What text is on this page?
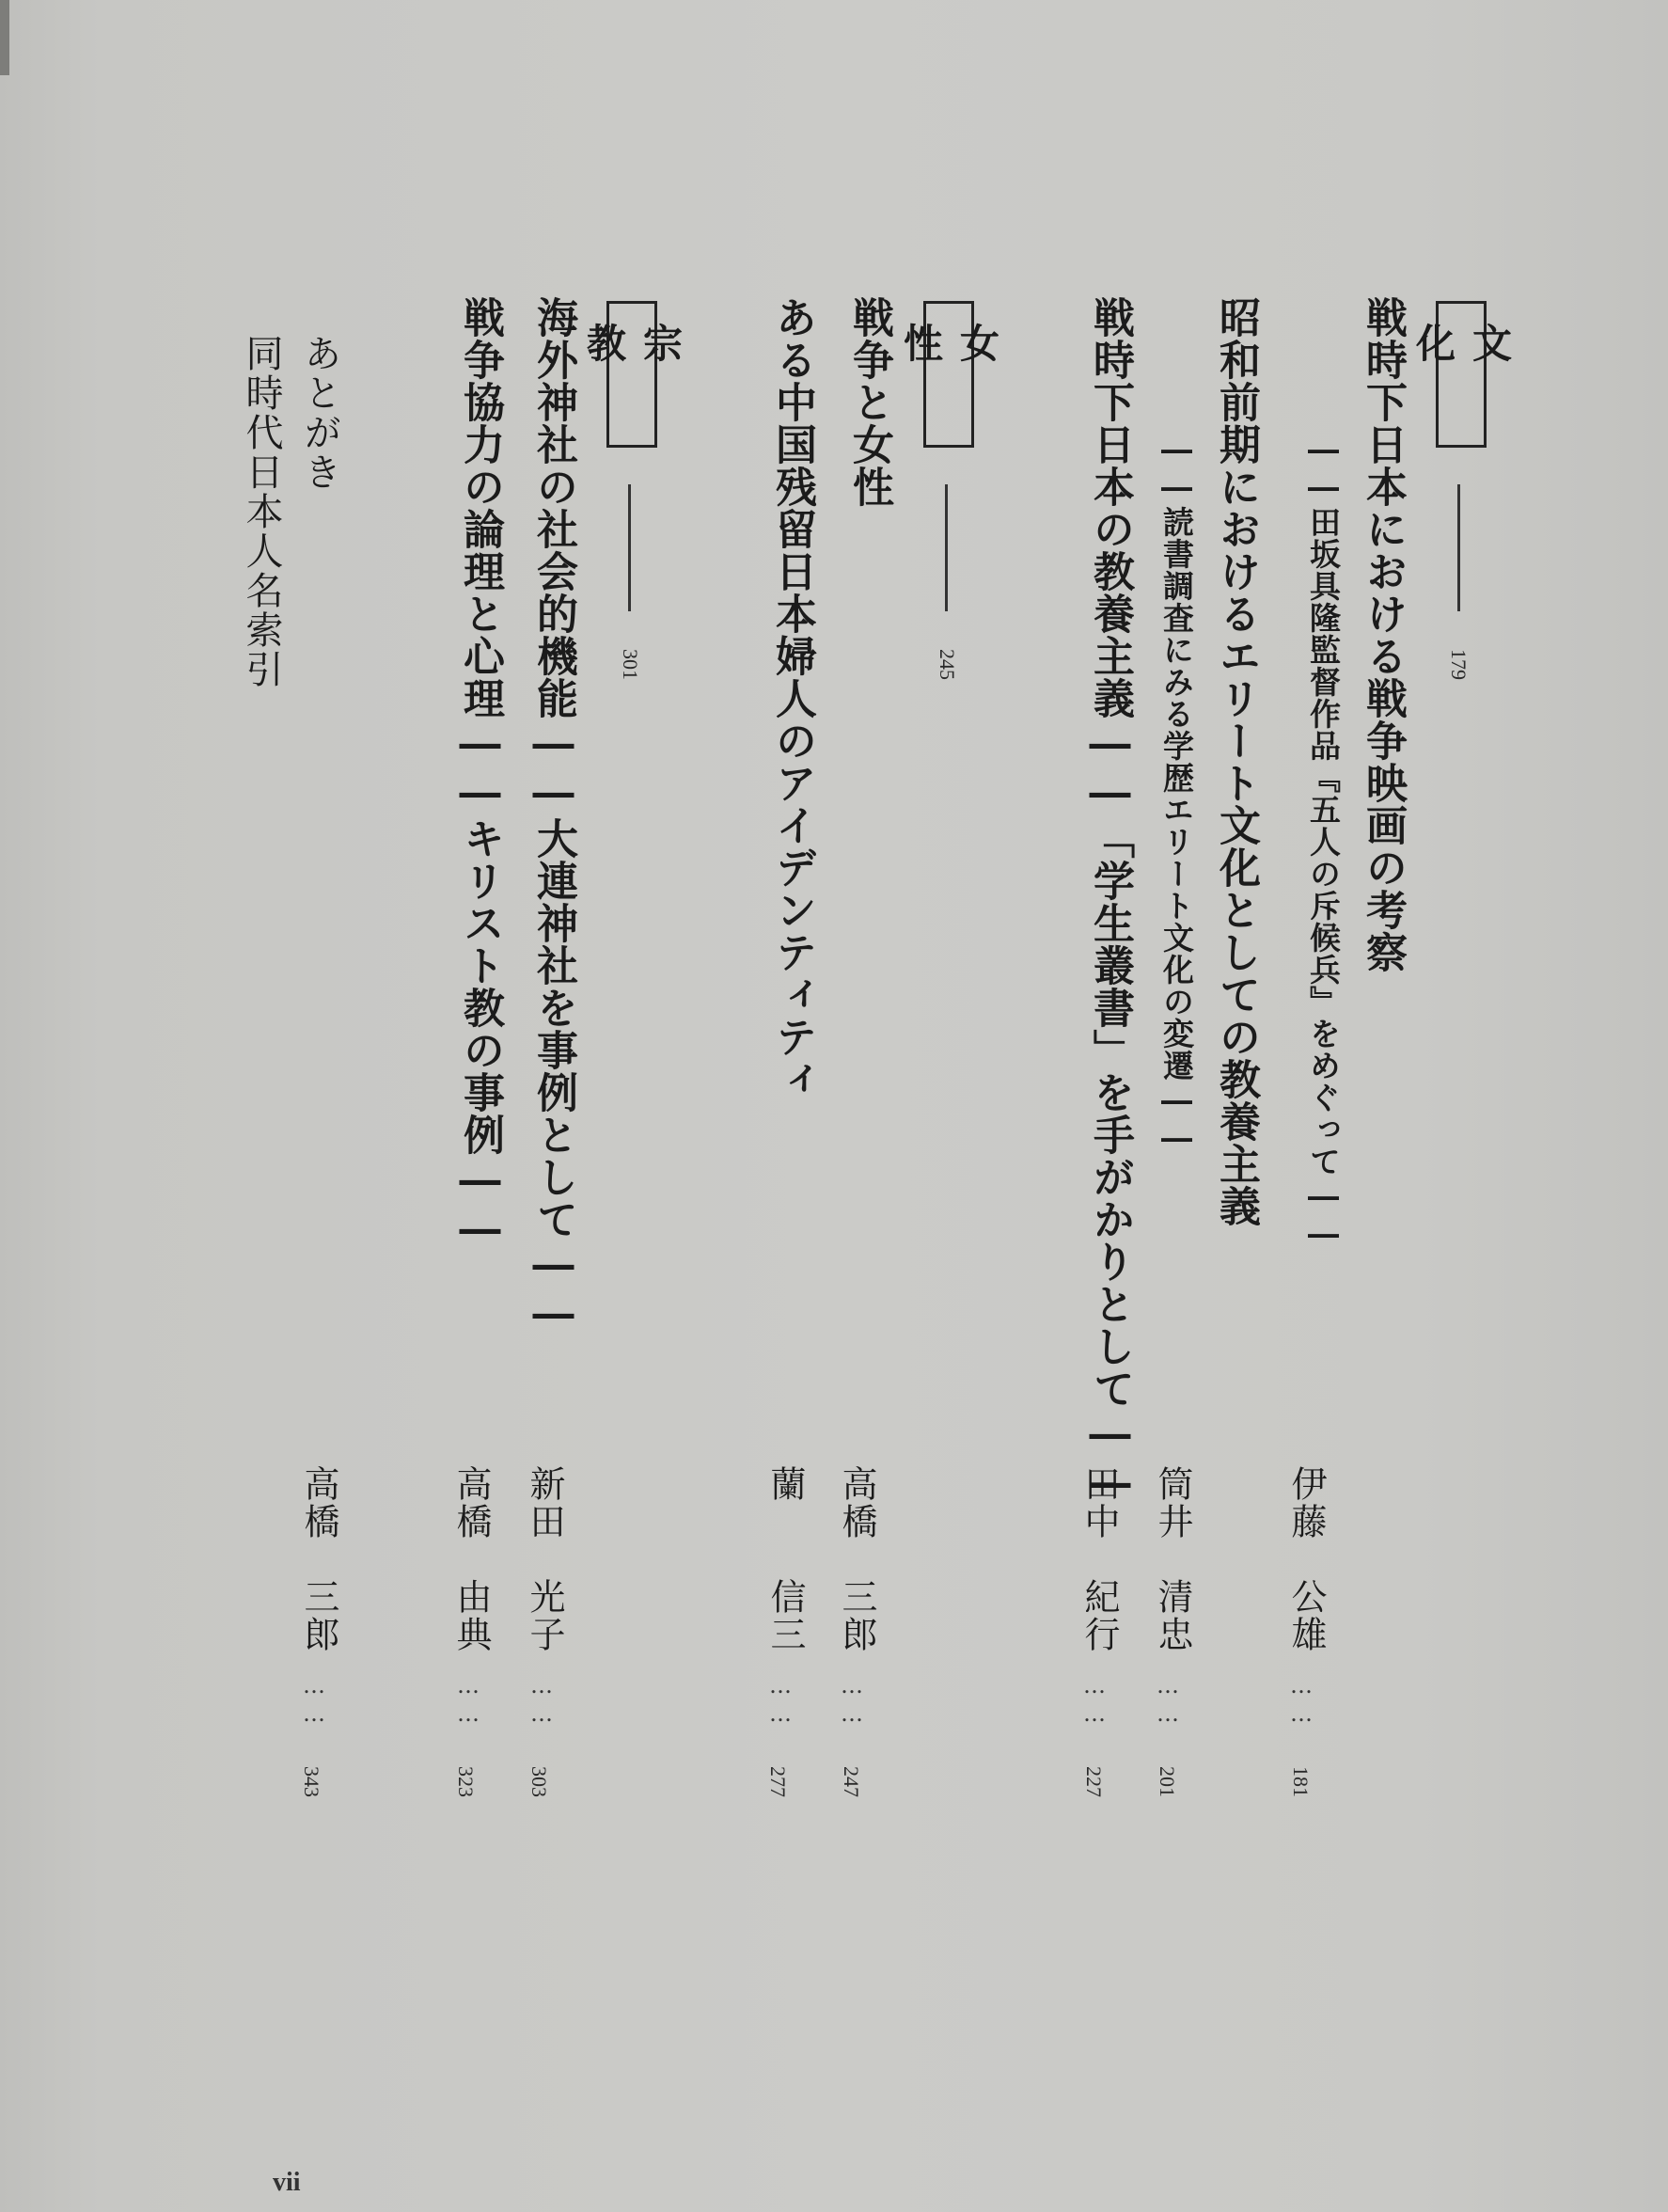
文化
179
戦時下日本における戦争映画の考察
――田坂具隆監督作品『五人の斥候兵』をめぐって――
伊藤　公雄
……
181
昭和前期におけるエリート文化としての教養主義
――読書調査にみる学歴エリート文化の変遷――
筒井　清忠
……
201
戦時下日本の教養主義――「学生叢書」を手がかりとして――
田中　紀行
……
227
女性
245
戦争と女性
高橋　三郎
……
247
ある中国残留日本婦人のアイデンティティ
蘭　　信三
……
277
宗教
301
海外神社の社会的機能――大連神社を事例として――
新田　光子
……
303
戦争協力の論理と心理――キリスト教の事例――
高橋　由典
……
323
あとがき
高橋　三郎
……
343
同時代日本人名索引
vii
